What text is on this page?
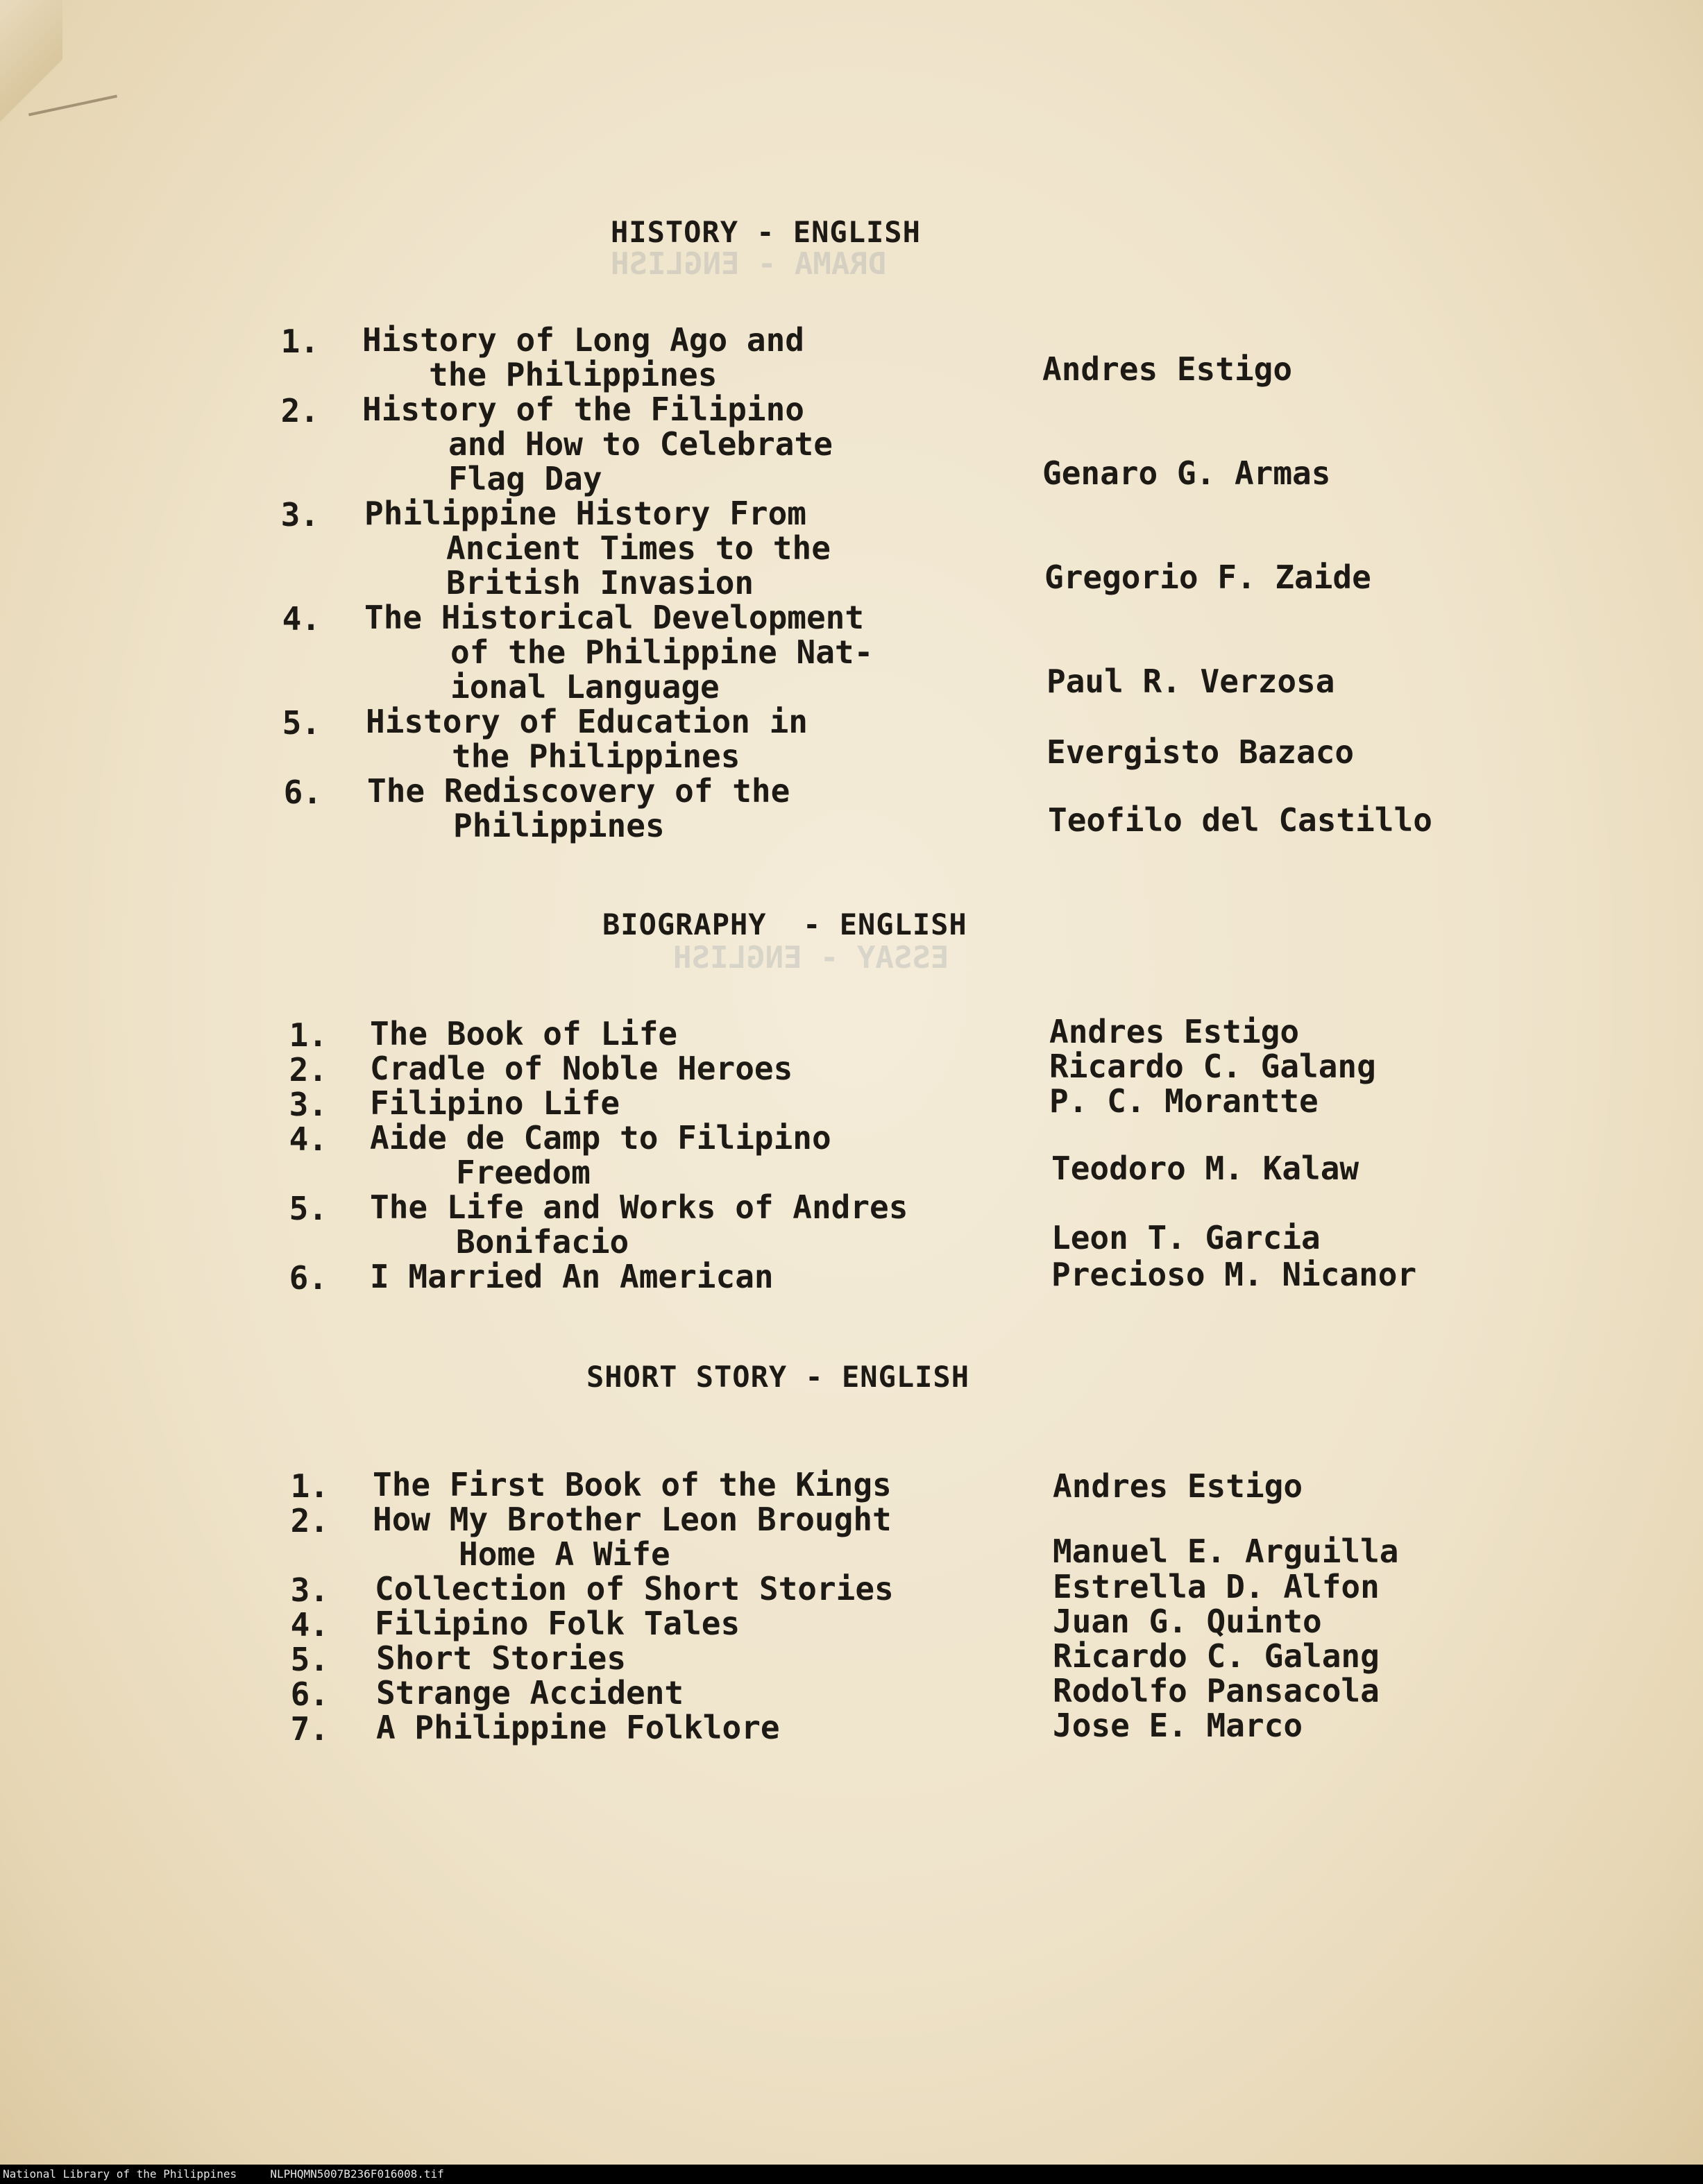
DRAMA - ENGLISH
ESSAY - ENGLISH
HISTORY - ENGLISH
1. History of Long Ago and
the Philippines	Andres Estigo
2. History of the Filipino
and How to Celebrate
Flag Day	Genaro G. Armas
3. Philippine History From
Ancient Times to the
British Invasion	Gregorio F. Zaide
4. The Historical Development
of the Philippine Nat-
ional Language	Paul R. Verzosa
5. History of Education in
the Philippines	Evergisto Bazaco
6. The Rediscovery of the
Philippines	Teofilo del Castillo
BIOGRAPHY  - ENGLISH
1. The Book of Life	Andres Estigo
2. Cradle of Noble Heroes	Ricardo C. Galang
3. Filipino Life	P. C. Morantte
4. Aide de Camp to Filipino
Freedom	Teodoro M. Kalaw
5. The Life and Works of Andres
Bonifacio	Leon T. Garcia
6. I Married An American	Precioso M. Nicanor
SHORT STORY - ENGLISH
1. The First Book of the Kings	Andres Estigo
2. How My Brother Leon Brought
Home A Wife	Manuel E. Arguilla
3. Collection of Short Stories	Estrella D. Alfon
4. Filipino Folk Tales	Juan G. Quinto
5. Short Stories	Ricardo C. Galang
6. Strange Accident	Rodolfo Pansacola
7. A Philippine Folklore	Jose E. Marco
National Library of the Philippines     NLPHQMN5007B236F016008.tif
